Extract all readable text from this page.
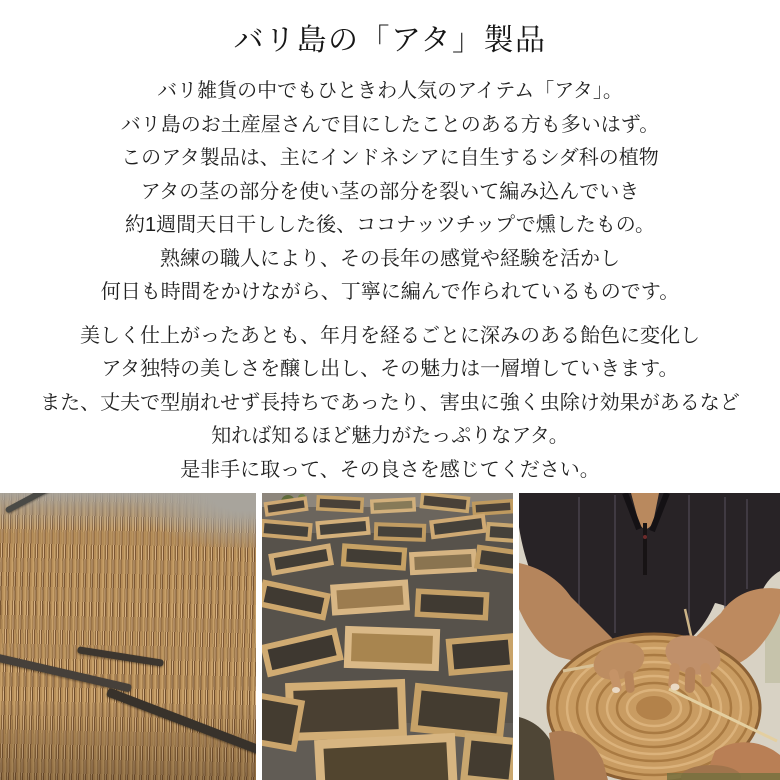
バリ島の「アタ」製品

バリ雑貨の中でもひときわ人気のアイテム「アタ」。
バリ島のお土産屋さんで目にしたことのある方も多いはず。
このアタ製品は、主にインドネシアに自生するシダ科の植物
アタの茎の部分を使い茎の部分を裂いて編み込んでいき
約1週間天日干しした後、ココナッツチップで燻したもの。
熟練の職人により、その長年の感覚や経験を活かし
何日も時間をかけながら、丁寧に編んで作られているものです。

美しく仕上がったあとも、年月を経るごとに深みのある飴色に変化し
アタ独特の美しさを醸し出し、その魅力は一層増していきます。
また、丈夫で型崩れせず長持ちであったり、害虫に強く虫除け効果があるなど
知れば知るほど魅力がたっぷりなアタ。
是非手に取って、その良さを感じてください。
